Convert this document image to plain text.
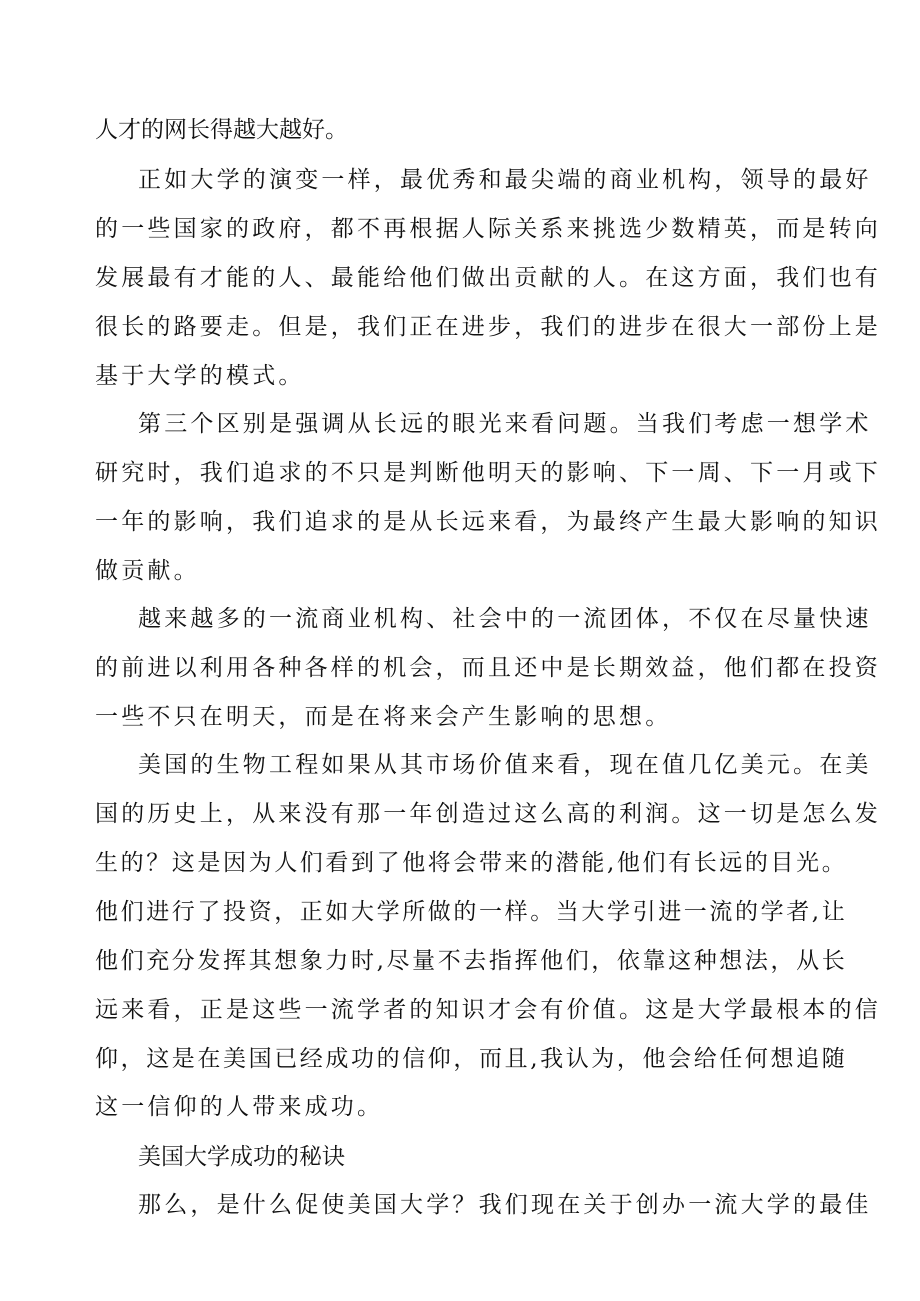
人才的网长得越大越好。

正如大学的演变一样，最优秀和最尖端的商业机构，领导的最好

的一些国家的政府，都不再根据人际关系来挑选少数精英，而是转向

发展最有才能的人、最能给他们做出贡献的人。在这方面，我们也有

很长的路要走。但是，我们正在进步，我们的进步在很大一部份上是

基于大学的模式。

第三个区别是强调从长远的眼光来看问题。当我们考虑一想学术

研究时，我们追求的不只是判断他明天的影响、下一周、下一月或下

一年的影响，我们追求的是从长远来看，为最终产生最大影响的知识

做贡献。

越来越多的一流商业机构、社会中的一流团体，不仅在尽量快速

的前进以利用各种各样的机会，而且还中是长期效益，他们都在投资

一些不只在明天，而是在将来会产生影响的思想。

美国的生物工程如果从其市场价值来看，现在值几亿美元。在美

国的历史上，从来没有那一年创造过这么高的利润。这一切是怎么发

生的？这是因为人们看到了他将会带来的潜能,他们有长远的目光。

他们进行了投资，正如大学所做的一样。当大学引进一流的学者,让

他们充分发挥其想象力时,尽量不去指挥他们，依靠这种想法，从长

远来看，正是这些一流学者的知识才会有价值。这是大学最根本的信

仰，这是在美国已经成功的信仰，而且,我认为，他会给任何想追随

这一信仰的人带来成功。

美国大学成功的秘诀

那么，是什么促使美国大学？我们现在关于创办一流大学的最佳
